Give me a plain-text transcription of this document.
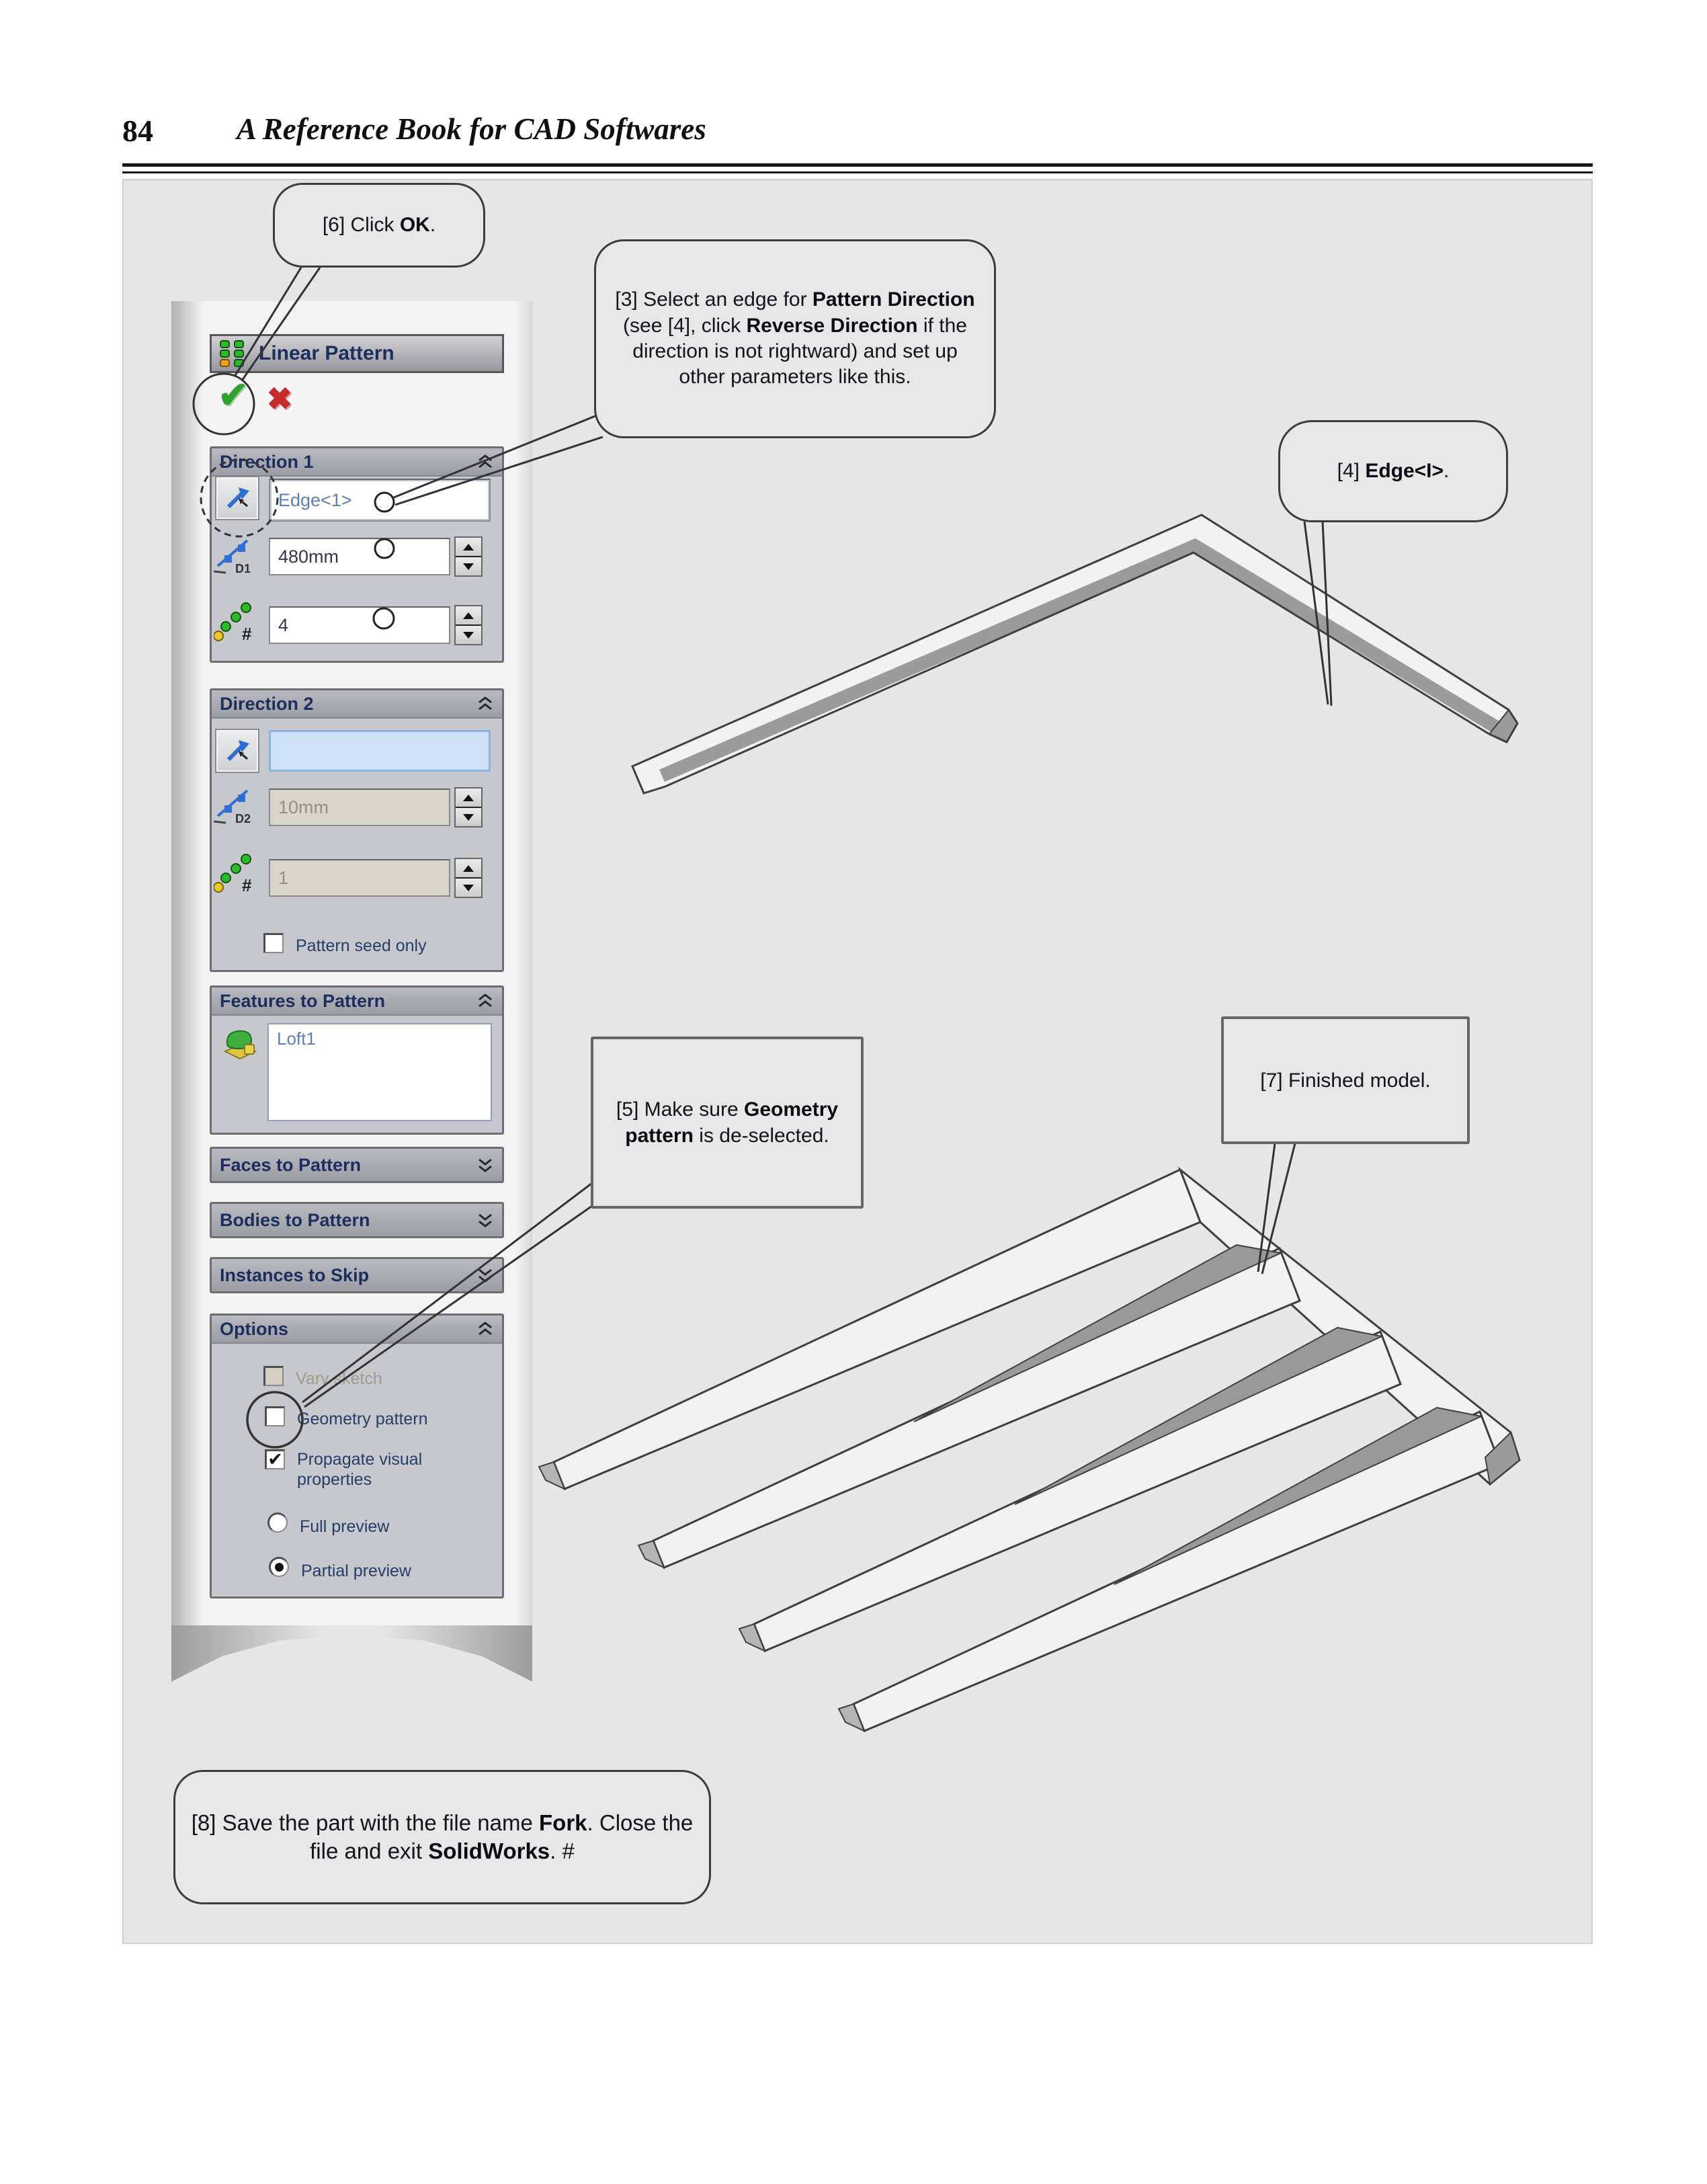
84	A Reference Book for CAD Softwares
Linear Pattern
✔ ✖
Direction 1
Edge<1>
D1
480mm
# 4
Direction 2
D2
10mm
# 1
Pattern seed only
Features to Pattern
Loft1
Faces to Pattern
Bodies to Pattern
Instances to Skip
Options
Vary sketch
Geometry pattern
✔ Propagate visual properties
Full preview
Partial preview
[6] Click OK.
[3] Select an edge for Pattern Direction (see [4], click Reverse Direction if the direction is not rightward) and set up other parameters like this.
[4] Edge<I>.
[5] Make sure Geometry pattern is de-selected.
[7] Finished model.
[8] Save the part with the file name Fork. Close the file and exit SolidWorks. #
